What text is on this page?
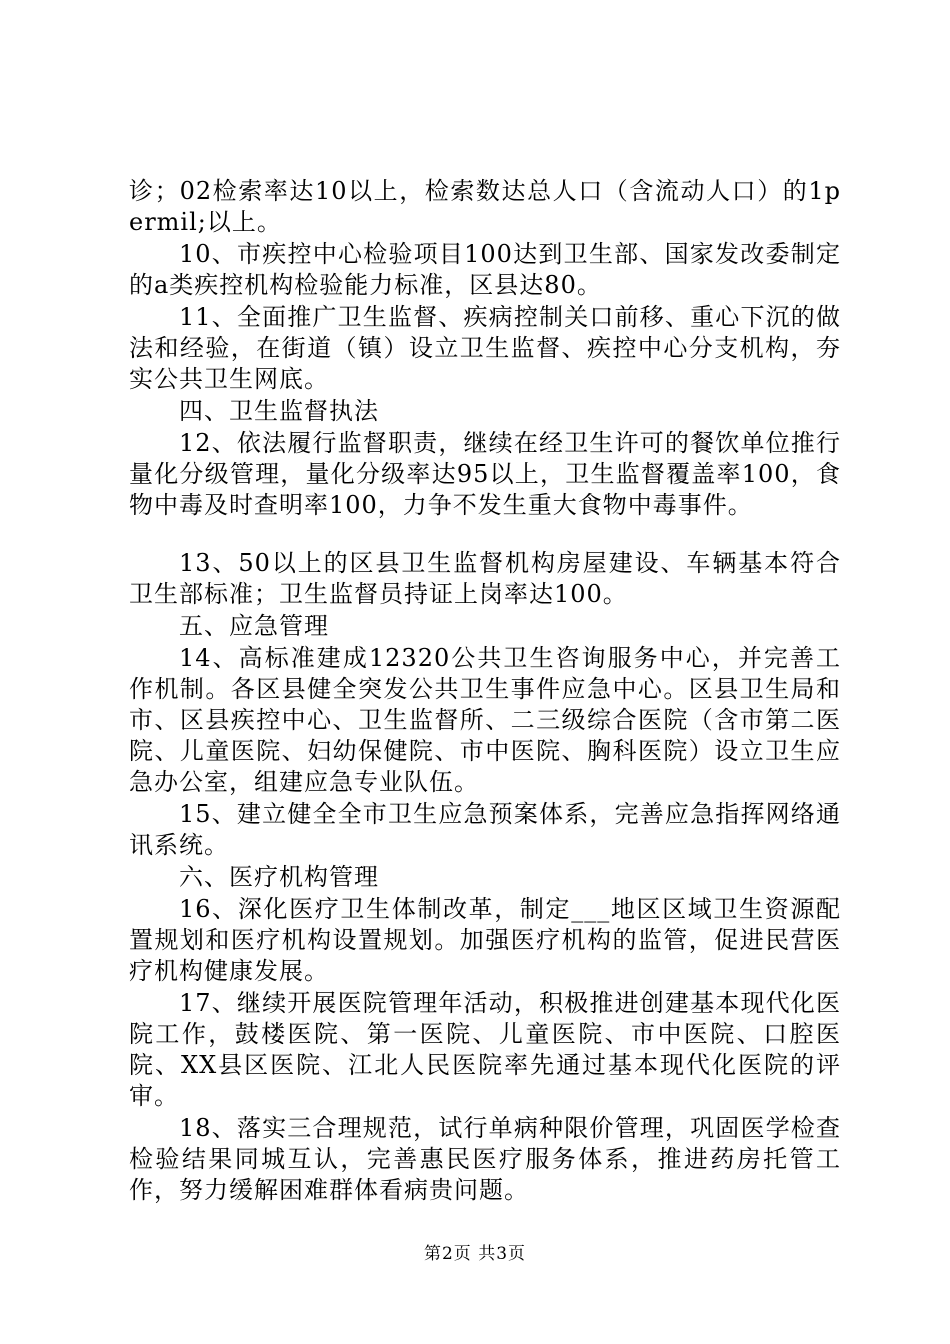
诊；02检索率达10以上，检索数达总人口（含流动人口）的1permil;以上。

10、市疾控中心检验项目100达到卫生部、国家发改委制定的a类疾控机构检验能力标准，区县达80。

11、全面推广卫生监督、疾病控制关口前移、重心下沉的做法和经验，在街道（镇）设立卫生监督、疾控中心分支机构，夯实公共卫生网底。

四、卫生监督执法

12、依法履行监督职责，继续在经卫生许可的餐饮单位推行量化分级管理，量化分级率达95以上，卫生监督覆盖率100，食物中毒及时查明率100，力争不发生重大食物中毒事件。

13、50以上的区县卫生监督机构房屋建设、车辆基本符合卫生部标准；卫生监督员持证上岗率达100。

五、应急管理

14、高标准建成12320公共卫生咨询服务中心，并完善工作机制。各区县健全突发公共卫生事件应急中心。区县卫生局和市、区县疾控中心、卫生监督所、二三级综合医院（含市第二医院、儿童医院、妇幼保健院、市中医院、胸科医院）设立卫生应急办公室，组建应急专业队伍。

15、建立健全全市卫生应急预案体系，完善应急指挥网络通讯系统。

六、医疗机构管理

16、深化医疗卫生体制改革，制定___地区区域卫生资源配置规划和医疗机构设置规划。加强医疗机构的监管，促进民营医疗机构健康发展。

17、继续开展医院管理年活动，积极推进创建基本现代化医院工作，鼓楼医院、第一医院、儿童医院、市中医院、口腔医院、XX县区医院、江北人民医院率先通过基本现代化医院的评审。

18、落实三合理规范，试行单病种限价管理，巩固医学检查检验结果同城互认，完善惠民医疗服务体系，推进药房托管工作，努力缓解困难群体看病贵问题。

第2页 共3页
